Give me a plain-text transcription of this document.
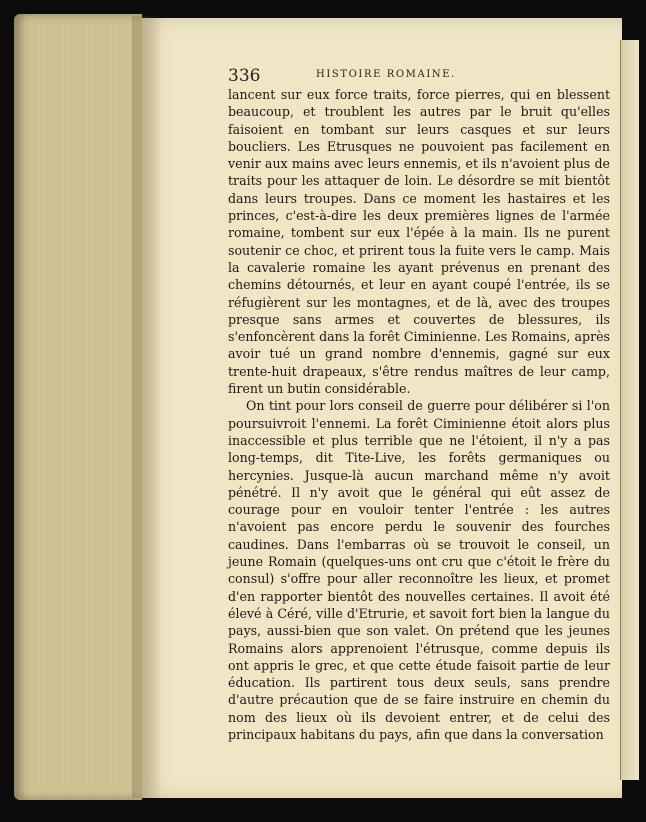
336	HISTOIRE ROMAINE.

lancent sur eux force traits, force pierres, qui en blessent beaucoup, et troublent les autres par le bruit qu'elles faisoient en tombant sur leurs casques et sur leurs boucliers. Les Etrusques ne pouvoient pas facilement en venir aux mains avec leurs ennemis, et ils n'avoient plus de traits pour les attaquer de loin. Le désordre se mit bientôt dans leurs troupes. Dans ce moment les hastaires et les princes, c'est-à-dire les deux premières lignes de l'armée romaine, tombent sur eux l'épée à la main. Ils ne purent soutenir ce choc, et prirent tous la fuite vers le camp. Mais la cavalerie romaine les ayant prévenus en prenant des chemins détournés, et leur en ayant coupé l'entrée, ils se réfugièrent sur les montagnes, et de là, avec des troupes presque sans armes et couvertes de blessures, ils s'enfoncèrent dans la forêt Ciminienne. Les Romains, après avoir tué un grand nombre d'ennemis, gagné sur eux trente-huit drapeaux, s'être rendus maîtres de leur camp, firent un butin considérable.

On tint pour lors conseil de guerre pour délibérer si l'on poursuivroit l'ennemi. La forêt Ciminienne étoit alors plus inaccessible et plus terrible que ne l'étoient, il n'y a pas long-temps, dit Tite-Live, les forêts germaniques ou hercynies. Jusque-là aucun marchand même n'y avoit pénétré. Il n'y avoit que le général qui eût assez de courage pour en vouloir tenter l'entrée : les autres n'avoient pas encore perdu le souvenir des fourches caudines. Dans l'embarras où se trouvoit le conseil, un jeune Romain (quelques-uns ont cru que c'étoit le frère du consul) s'offre pour aller reconnoître les lieux, et promet d'en rapporter bientôt des nouvelles certaines. Il avoit été élevé à Céré, ville d'Etrurie, et savoit fort bien la langue du pays, aussi-bien que son valet. On prétend que les jeunes Romains alors apprenoient l'étrusque, comme depuis ils ont appris le grec, et que cette étude faisoit partie de leur éducation. Ils partirent tous deux seuls, sans prendre d'autre précaution que de se faire instruire en chemin du nom des lieux où ils devoient entrer, et de celui des principaux habitans du pays, afin que dans la conversation
